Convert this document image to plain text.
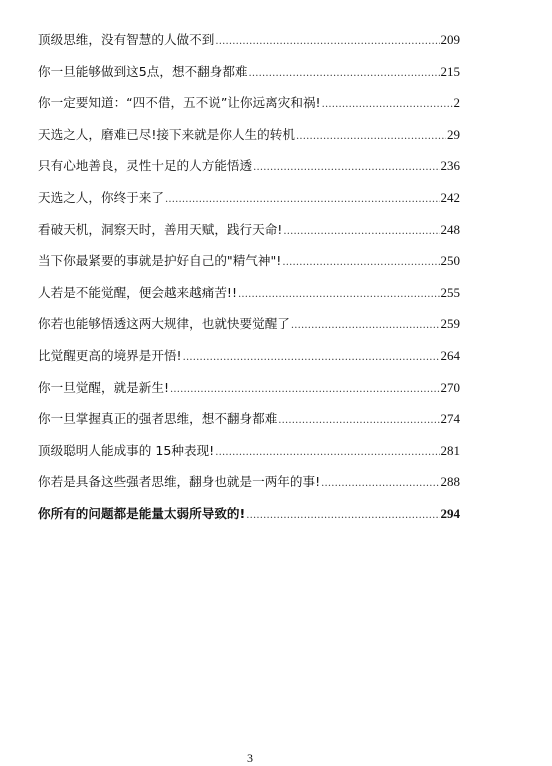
顶级思维，没有智慧的人做不到 .....	209
你一旦能够做到这5点，想不翻身都难 .....	215
你一定要知道：“四不借，五不说”让你远离灾和祸! .....	2
天选之人，磨难已尽!接下来就是你人生的转机 .....	29
只有心地善良，灵性十足的人方能悟透 .....	236
天选之人，你终于来了 .....	242
看破天机，洞察天时，善用天赋，践行天命! .....	248
当下你最紧要的事就是护好自己的"精气神"! .....	250
人若是不能觉醒，便会越来越痛苦!! .....	255
你若也能够悟透这两大规律，也就快要觉醒了 .....	259
比觉醒更高的境界是开悟! .....	264
你一旦觉醒，就是新生! .....	270
你一旦掌握真正的强者思维，想不翻身都难 .....	274
顶级聪明人能成事的 15种表现! .....	281
你若是具备这些强者思维，翻身也就是一两年的事! .....	288
你所有的问题都是能量太弱所导致的! .....	294
3
